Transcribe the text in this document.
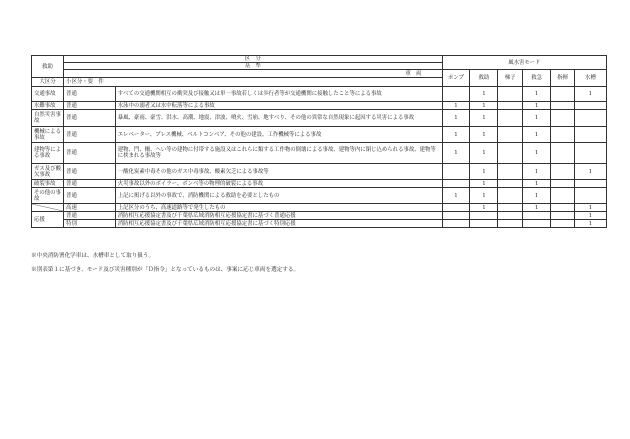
救助	区　分		風水害モード					
	基　準							
	車　両		ポンプ	救助	梯子	救急	指揮	水槽
大区分	小区分・要　件							
交通事故	普通	すべての交通機関相互の衝突及び接触又は単一事故若しくは歩行者等が交通機関に接触したこと等による事故		1		1		1
水難事故	普通	水泳中の溺者又は水中転落等による事故	1	1		1		
自然災害事故	普通	暴風、豪雨、豪雪、洪水、高潮、地震、津波、噴火、雪崩、地すべり、その他の異常な自然現象に起因する災害による事故	1	1		1		
機械による事故	普通	エレベーター、プレス機械、ベルトコンベア、その他の建設、工作機械等による事故	1	1		1		
建物等による事故	普通	建物、門、柵、へい等の建物に付帯する施設又はこれらに類する工作物の倒壊による事故、建物等内に閉じ込められる事故、建物等に挟まれる事故等	1	1		1		
ガス及び酸欠事故	普通	一酸化炭素中毒その他のガス中毒事故、酸素欠乏による事故等		1		1		1
破裂事故	普通	火災事故以外のボイラー、ボンベ等の物理的破裂による事故		1		1		
その他の事故	普通	上記に掲げる以外の事故で、消防機関による救助を必要としたもの	1	1		1		

	高速	上記区分のうち、高速道路等で発生したもの		1		1		1
応援	普通	消防相互応援協定書及び千葉県広域消防相互応援協定書に基づく普通応援						1
	特別	消防相互応援協定書及び千葉県広域消防相互応援協定書に基づく特別応援						1
※中央消防署化学車は、水槽車として取り扱う。
※別表第１に基づき、モード及び災害種別が「Ｄ指令」となっているものは、事案に応じ車両を選定する。
